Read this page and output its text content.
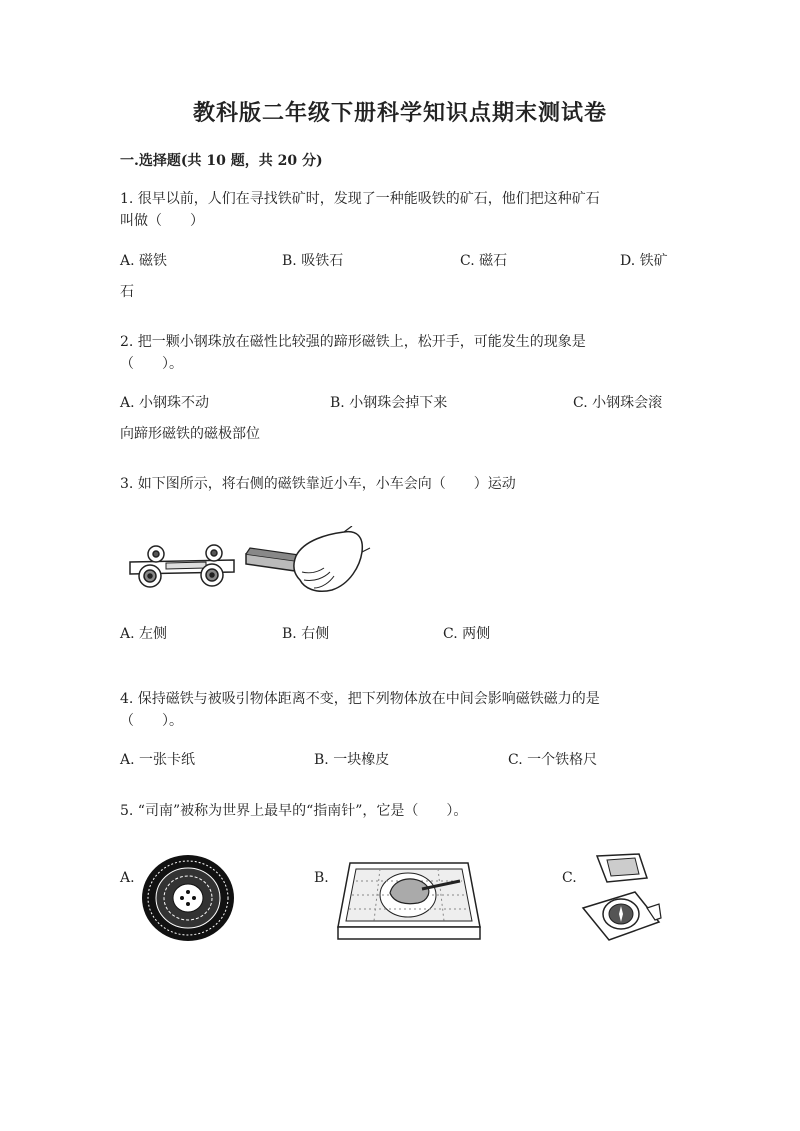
教科版二年级下册科学知识点期末测试卷
一.选择题(共 10 题，共 20 分)
1. 很早以前，人们在寻找铁矿时，发现了一种能吸铁的矿石，他们把这种矿石
叫做（　　）
A. 磁铁	B. 吸铁石	C. 磁石	D. 铁矿
石
2. 把一颗小钢珠放在磁性比较强的蹄形磁铁上，松开手，可能发生的现象是
（　　）。
A. 小钢珠不动	B. 小钢珠会掉下来	C. 小钢珠会滚
向蹄形磁铁的磁极部位
3. 如下图所示，将右侧的磁铁靠近小车，小车会向（　　）运动
A. 左侧	B. 右侧	C. 两侧
4. 保持磁铁与被吸引物体距离不变，把下列物体放在中间会影响磁铁磁力的是
（　　）。
A. 一张卡纸	B. 一块橡皮	C. 一个铁格尺
5. “司南”被称为世界上最早的“指南针”，它是（　　）。
A.	B.	C.
